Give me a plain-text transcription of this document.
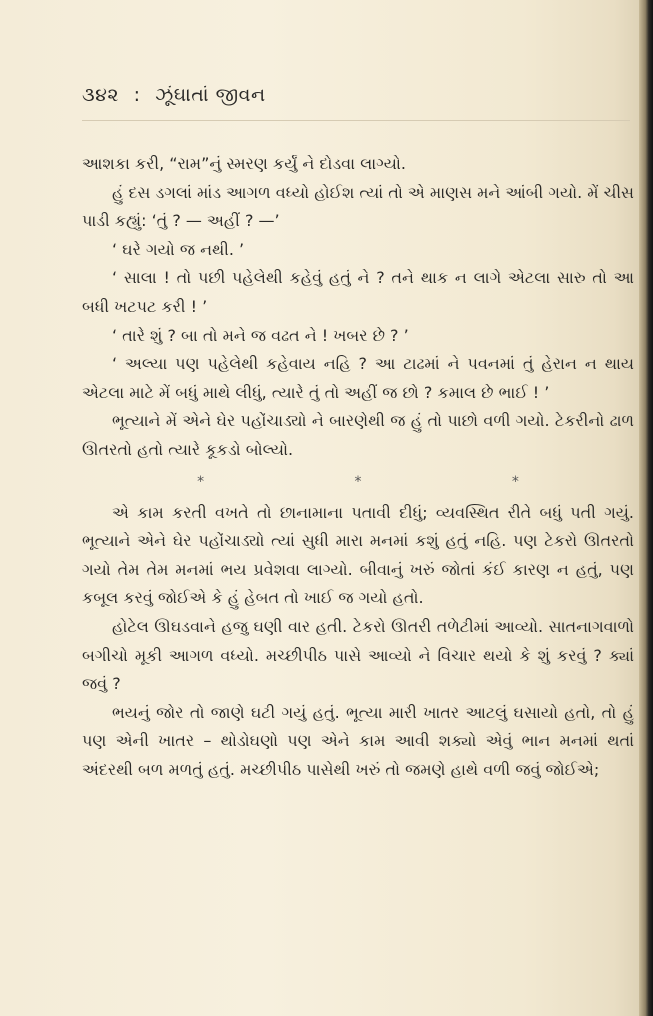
૩૪૨ : ઝૂંઘાતાં જીવન

આશકા કરી, “રામ”નું સ્મરણ કર્યું ને દોડવા લાગ્યો.

હું દસ ડગલાં માંડ આગળ વધ્યો હોઈશ ત્યાં તો એ માણસ મને આંબી ગયો. મેં ચીસ પાડી કહ્યું: ‘તું ? — અહીં ? —’

‘ ઘરે ગયો જ નથી. ’

‘ સાલા ! તો પછી પહેલેથી કહેવું હતું ને ? તને થાક ન લાગે એટલા સારુ તો આ બધી ખટપટ કરી ! ’

‘ તારે શું ? બા તો મને જ વઢત ને ! ખબર છે ? ’

‘ અલ્યા પણ પહેલેથી કહેવાય નહિ ? આ ટાઢમાં ને પવનમાં તું હેરાન ન થાય એટલા માટે મેં બધું માથે લીધું, ત્યારે તું તો અહીં જ છો ? કમાલ છે ભાઈ ! ’

ભૂત્યાને મેં એને ઘેર પહોંચાડ્યો ને બારણેથી જ હું તો પાછો વળી ગયો. ટેકરીનો ઢાળ ઊતરતો હતો ત્યારે કૂકડો બોલ્યો.

*	*	*

એ કામ કરતી વખતે તો છાનામાના પતાવી દીધું; વ્યવસ્થિત રીતે બધું પતી ગયું. ભૂત્યાને એને ઘેર પહોંચાડ્યો ત્યાં સુધી મારા મનમાં કશું હતું નહિ. પણ ટેકરો ઊતરતો ગયો તેમ તેમ મનમાં ભય પ્રવેશવા લાગ્યો. બીવાનું ખરું જોતાં કંઈ કારણ ન હતું, પણ કબૂલ કરવું જોઈએ કે હું હેબત તો ખાઈ જ ગયો હતો.

હોટેલ ઊઘડવાને હજુ ઘણી વાર હતી. ટેકરો ઊતરી તળેટીમાં આવ્યો. સાતનાગવાળો બગીચો મૂકી આગળ વધ્યો. મચ્છીપીઠ પાસે આવ્યો ને વિચાર થયો કે શું કરવું ? ક્યાં જવું ?

ભયનું જોર તો જાણે ઘટી ગયું હતું. ભૂત્યા મારી ખાતર આટલું ઘસાયો હતો, તો હું પણ એની ખાતર – થોડોઘણો પણ એને કામ આવી શક્યો એવું ભાન મનમાં થતાં અંદરથી બળ મળતું હતું. મચ્છીપીઠ પાસેથી ખરું તો જમણે હાથે વળી જવું જોઈએ;
